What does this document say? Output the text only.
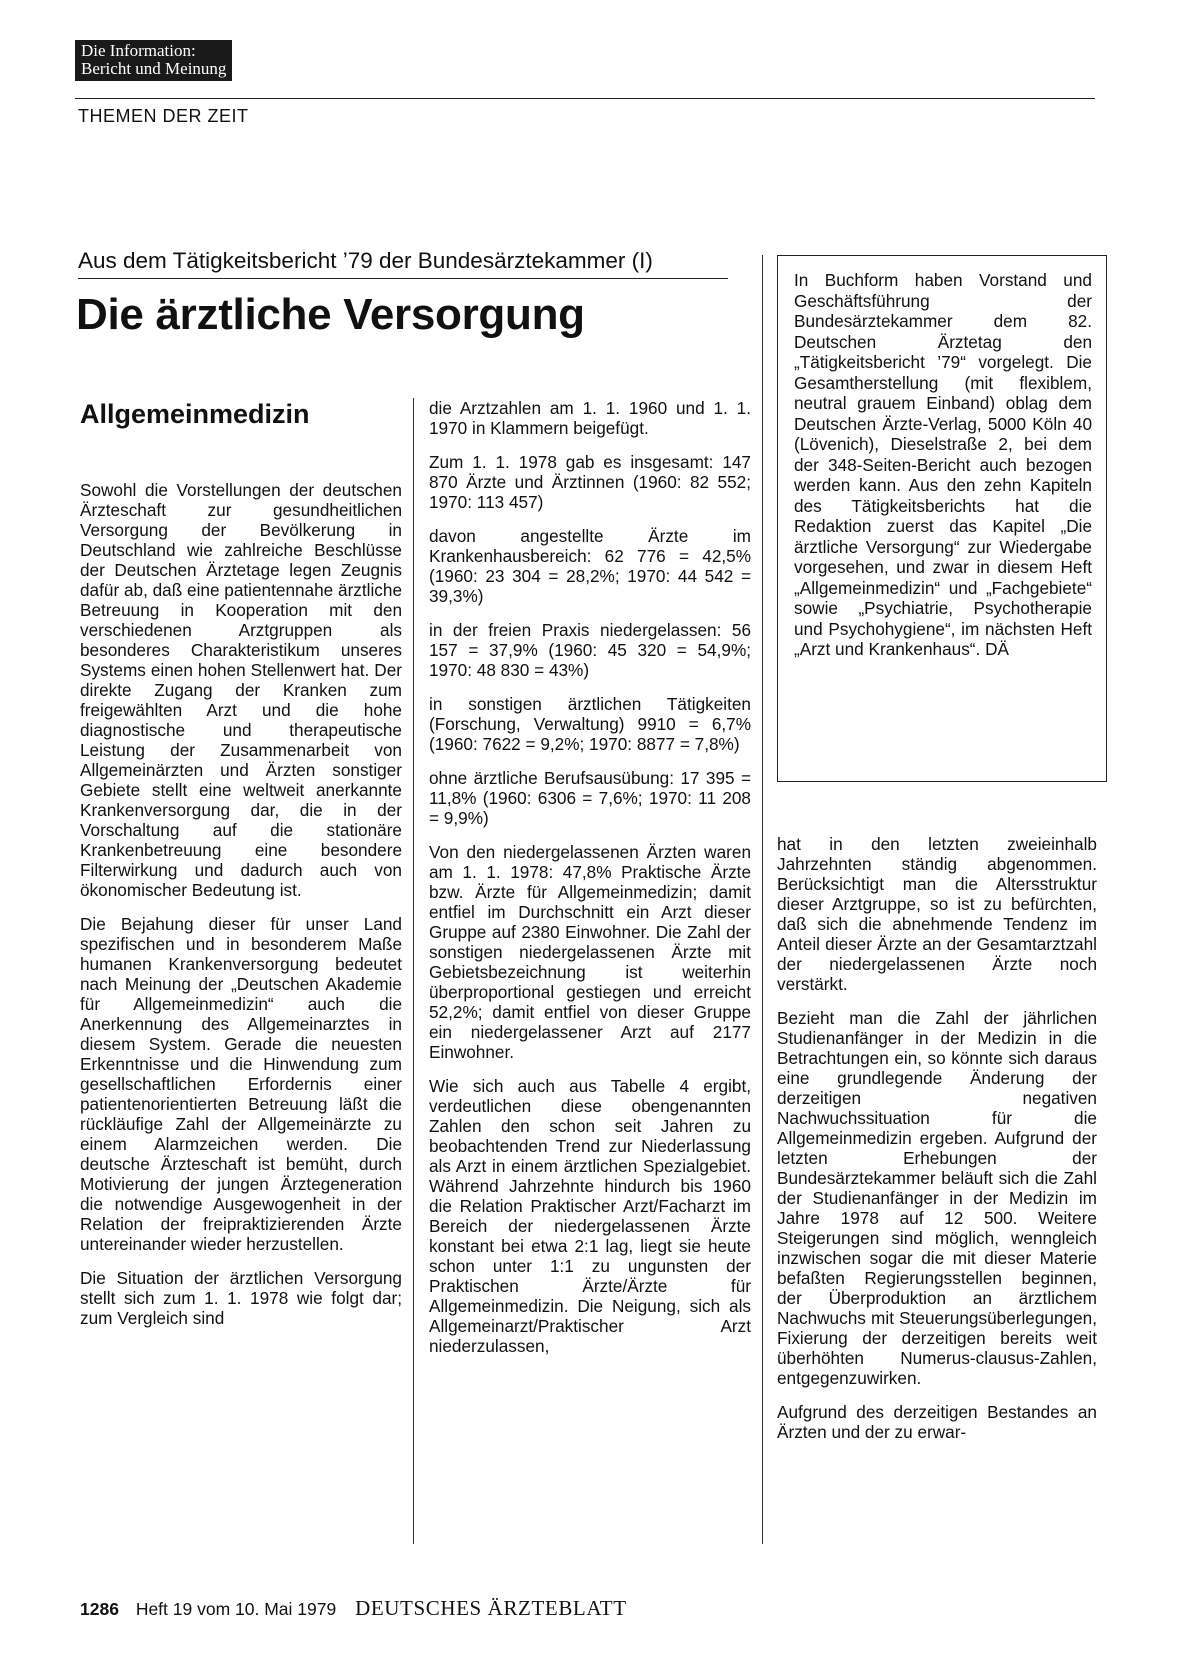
Die Information:
Bericht und Meinung
THEMEN DER ZEIT
Aus dem Tätigkeitsbericht ’79 der Bundesärztekammer (I)
Die ärztliche Versorgung

Allgemeinmedizin

Sowohl die Vorstellungen der deutschen Ärzteschaft zur gesundheitlichen Versorgung der Bevölkerung in Deutschland wie zahlreiche Beschlüsse der Deutschen Ärztetage legen Zeugnis dafür ab, daß eine patientennahe ärztliche Betreuung in Kooperation mit den verschiedenen Arztgruppen als besonderes Charakteristikum unseres Systems einen hohen Stellenwert hat. Der direkte Zugang der Kranken zum freigewählten Arzt und die hohe diagnostische und therapeutische Leistung der Zusammenarbeit von Allgemeinärzten und Ärzten sonstiger Gebiete stellt eine weltweit anerkannte Krankenversorgung dar, die in der Vorschaltung auf die stationäre Krankenbetreuung eine besondere Filterwirkung und dadurch auch von ökonomischer Bedeutung ist.

Die Bejahung dieser für unser Land spezifischen und in besonderem Maße humanen Krankenversorgung bedeutet nach Meinung der „Deutschen Akademie für Allgemeinmedizin“ auch die Anerkennung des Allgemeinarztes in diesem System. Gerade die neuesten Erkenntnisse und die Hinwendung zum gesellschaftlichen Erfordernis einer patientenorientierten Betreuung läßt die rückläufige Zahl der Allgemeinärzte zu einem Alarmzeichen werden. Die deutsche Ärzteschaft ist bemüht, durch Motivierung der jungen Ärztegeneration die notwendige Ausgewogenheit in der Relation der freipraktizierenden Ärzte untereinander wieder herzustellen.

Die Situation der ärztlichen Versorgung stellt sich zum 1. 1. 1978 wie folgt dar; zum Vergleich sind

die Arztzahlen am 1. 1. 1960 und 1. 1. 1970 in Klammern beigefügt.

Zum 1. 1. 1978 gab es insgesamt: 147 870 Ärzte und Ärztinnen (1960: 82 552; 1970: 113 457)

davon angestellte Ärzte im Krankenhausbereich: 62 776 = 42,5% (1960: 23 304 = 28,2%; 1970: 44 542 = 39,3%)

in der freien Praxis niedergelassen: 56 157 = 37,9% (1960: 45 320 = 54,9%; 1970: 48 830 = 43%)

in sonstigen ärztlichen Tätigkeiten (Forschung, Verwaltung) 9910 = 6,7% (1960: 7622 = 9,2%; 1970: 8877 = 7,8%)

ohne ärztliche Berufsausübung: 17 395 = 11,8% (1960: 6306 = 7,6%; 1970: 11 208 = 9,9%)

Von den niedergelassenen Ärzten waren am 1. 1. 1978: 47,8% Praktische Ärzte bzw. Ärzte für Allgemeinmedizin; damit entfiel im Durchschnitt ein Arzt dieser Gruppe auf 2380 Einwohner. Die Zahl der sonstigen niedergelassenen Ärzte mit Gebietsbezeichnung ist weiterhin überproportional gestiegen und erreicht 52,2%; damit entfiel von dieser Gruppe ein niedergelassener Arzt auf 2177 Einwohner.

Wie sich auch aus Tabelle 4 ergibt, verdeutlichen diese obengenannten Zahlen den schon seit Jahren zu beobachtenden Trend zur Niederlassung als Arzt in einem ärztlichen Spezialgebiet. Während Jahrzehnte hindurch bis 1960 die Relation Praktischer Arzt/Facharzt im Bereich der niedergelassenen Ärzte konstant bei etwa 2:1 lag, liegt sie heute schon unter 1:1 zu ungunsten der Praktischen Ärzte/Ärzte für Allgemeinmedizin. Die Neigung, sich als Allgemeinarzt/Praktischer Arzt niederzulassen,

In Buchform haben Vorstand und Geschäftsführung der Bundesärztekammer dem 82. Deutschen Ärztetag den „Tätigkeitsbericht ’79“ vorgelegt. Die Gesamtherstellung (mit flexiblem, neutral grauem Einband) oblag dem Deutschen Ärzte-Verlag, 5000 Köln 40 (Lövenich), Dieselstraße 2, bei dem der 348-Seiten-Bericht auch bezogen werden kann. Aus den zehn Kapiteln des Tätigkeitsberichts hat die Redaktion zuerst das Kapitel „Die ärztliche Versorgung“ zur Wiedergabe vorgesehen, und zwar in diesem Heft „Allgemeinmedizin“ und „Fachgebiete“ sowie „Psychiatrie, Psychotherapie und Psychohygiene“, im nächsten Heft „Arzt und Krankenhaus“. DÄ

hat in den letzten zweieinhalb Jahrzehnten ständig abgenommen. Berücksichtigt man die Altersstruktur dieser Arztgruppe, so ist zu befürchten, daß sich die abnehmende Tendenz im Anteil dieser Ärzte an der Gesamtarztzahl der niedergelassenen Ärzte noch verstärkt.

Bezieht man die Zahl der jährlichen Studienanfänger in der Medizin in die Betrachtungen ein, so könnte sich daraus eine grundlegende Änderung der derzeitigen negativen Nachwuchssituation für die Allgemeinmedizin ergeben. Aufgrund der letzten Erhebungen der Bundesärztekammer beläuft sich die Zahl der Studienanfänger in der Medizin im Jahre 1978 auf 12 500. Weitere Steigerungen sind möglich, wenngleich inzwischen sogar die mit dieser Materie befaßten Regierungsstellen beginnen, der Überproduktion an ärztlichem Nachwuchs mit Steuerungsüberlegungen, Fixierung der derzeitigen bereits weit überhöhten Numerus-clausus-Zahlen, entgegenzuwirken.

Aufgrund des derzeitigen Bestandes an Ärzten und der zu erwar-

1286 Heft 19 vom 10. Mai 1979 DEUTSCHES ÄRZTEBLATT
